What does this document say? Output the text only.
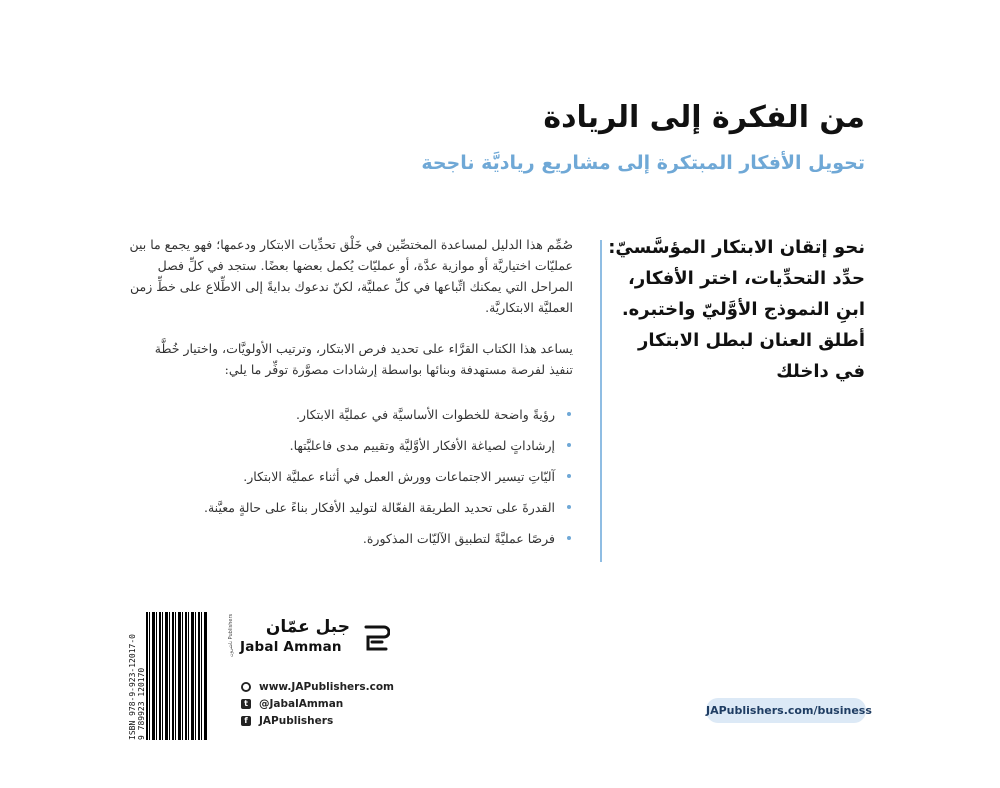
من الفكرة إلى الريادة
تحويل الأفكار المبتكرة إلى مشاريع رياديَّة ناجحة
نحو إتقان الابتكار المؤسَّسيّ:
حدِّد التحدِّيات، اختر الأفكار،
ابنِ النموذج الأوَّليّ واختبره.
أطلق العنان لبطل الابتكار
في داخلك

صُمِّم هذا الدليل لمساعدة المختصِّين في خَلْق تحدِّيات الابتكار ودعمها؛ فهو يجمع ما بين عمليّات اختياريَّة أو موازية عدَّة، أو عمليّات يُكمل بعضها بعضًا. ستجد في كلِّ فصل المراحل التي يمكنك اتِّباعها في كلِّ عمليَّة، لكنّ ندعوك بدايةً إلى الاطِّلاع على خطِّ زمن العمليَّة الابتكاريَّة.

يساعد هذا الكتاب القرَّاء على تحديد فرص الابتكار، وترتيب الأولويَّات، واختيار خُطَّة تنفيذ لفرصة مستهدفة وبنائها بواسطة إرشادات مصوَّرة توفِّر ما يلي:

رؤيةً واضحة للخطوات الأساسيَّة في عمليَّة الابتكار.
إرشاداتٍ لصياغة الأفكار الأوَّليَّة وتقييم مدى فاعليَّتها.
آليّاتِ تيسير الاجتماعات وورش العمل في أثناء عمليَّة الابتكار.
القدرةَ على تحديد الطريقة الفعّالة لتوليد الأفكار بناءً على حالةٍ معيَّنة.
فرصًا عمليَّةً لتطبيق الآليّات المذكورة.
ISBN 978-9-923-12017-0 9 789923 120170
جبل عمّان
Jabal Amman
ناشرون Publishers
● www.JAPublishers.com
t @JabalAmman
f	JAPublishers
JAPublishers.com/business
